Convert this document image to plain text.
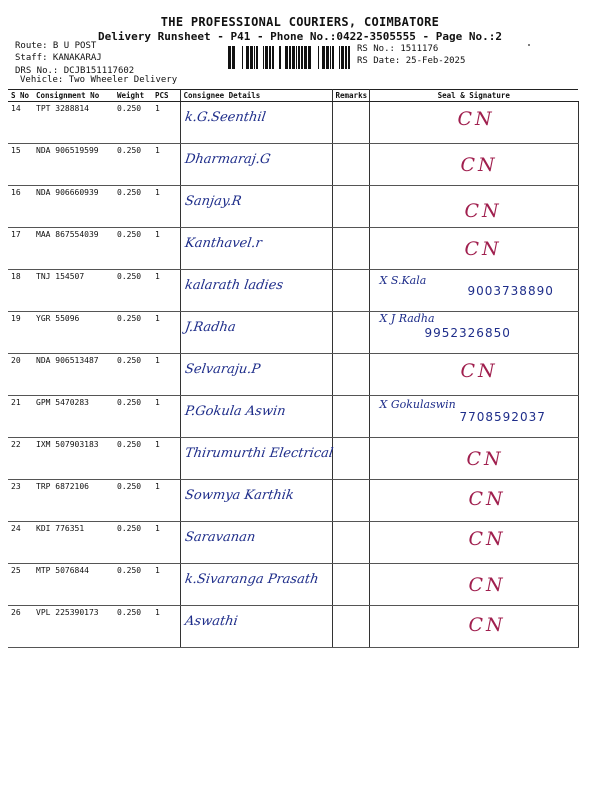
THE PROFESSIONAL COURIERS, COIMBATORE
Delivery Runsheet - P41 - Phone No.:0422-3505555 - Page No.:2
Route: B U POST
Staff: KANAKARAJ
DRS No.: DCJB151117602
Vehicle: Two Wheeler Delivery
RS No.: 1511176
RS Date: 25-Feb-2025
S No	Consignment No	Weight	PCS	Consignee Details	Remarks	Seal & Signature
14	TPT 3288814	0.250	1	k.G.Seenthil		CN

15	NDA 906519599	0.250	1	Dharmaraj.G		CN

16	NDA 906660939	0.250	1	Sanjay.R		CN

17	MAA 867554039	0.250	1	Kanthavel.r		CN

18	TNJ 154507	0.250	1	kalarath ladies		X S.Kala
9003738890

19	YGR 55096	0.250	1	J.Radha		X J Radha
9952326850

20	NDA 906513487	0.250	1	Selvaraju.P		CN

21	GPM 5470283	0.250	1	P.Gokula Aswin		X Gokulaswin
7708592037

22	IXM 507903183	0.250	1	Thirumurthi Electrical		CN

23	TRP 6872106	0.250	1	Sowmya Karthik		CN

24	KDI 776351	0.250	1	Saravanan		CN

25	MTP 5076844	0.250	1	k.Sivaranga Prasath		CN

26	VPL 225390173	0.250	1	Aswathi		CN
